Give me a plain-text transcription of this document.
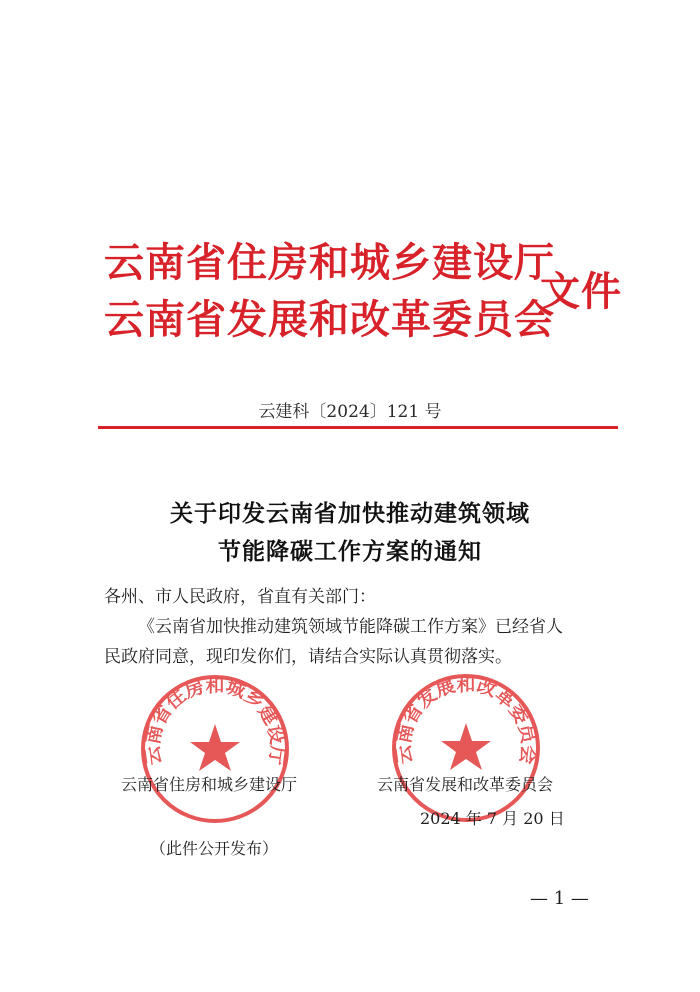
云南省住房和城乡建设厅
云南省发展和改革委员会
文件
云建科〔2024〕121 号
关于印发云南省加快推动建筑领域
节能降碳工作方案的通知
各州、市人民政府，省直有关部门：
《云南省加快推动建筑领域节能降碳工作方案》已经省人
民政府同意，现印发你们，请结合实际认真贯彻落实。
云南省住房和城乡建设厅	云南省发展和改革委员会
云南省住房和城乡建设厅	云南省发展和改革委员会
2024 年 7 月 20 日
（此件公开发布）
— 1 —
